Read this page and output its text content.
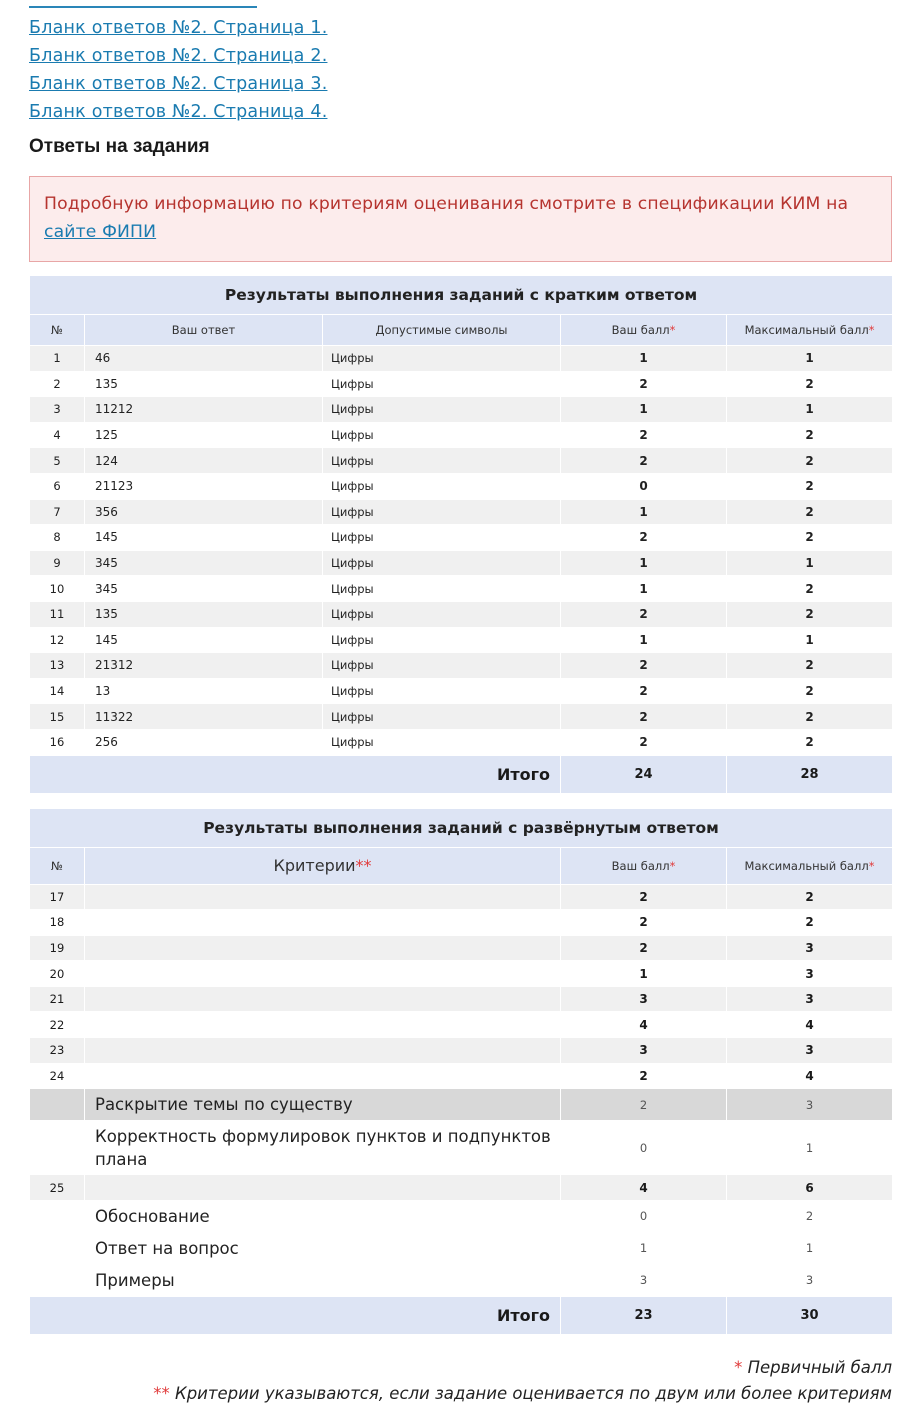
Бланк ответов №2. Страница 1.
Бланк ответов №2. Страница 2.
Бланк ответов №2. Страница 3.
Бланк ответов №2. Страница 4.
Ответы на задания
Подробную информацию по критериям оценивания смотрите в спецификации КИМ на сайте ФИПИ
Результаты выполнения заданий с кратким ответом				
№	Ваш ответ	Допустимые символы	Ваш балл*	Максимальный балл*
1	46	Цифры	1	1
2	135	Цифры	2	2
3	11212	Цифры	1	1
4	125	Цифры	2	2
5	124	Цифры	2	2
6	21123	Цифры	0	2
7	356	Цифры	1	2
8	145	Цифры	2	2
9	345	Цифры	1	1
10	345	Цифры	1	2
11	135	Цифры	2	2
12	145	Цифры	1	1
13	21312	Цифры	2	2
14	13	Цифры	2	2
15	11322	Цифры	2	2
16	256	Цифры	2	2
Итого			24	28
Результаты выполнения заданий с развёрнутым ответом			
№	Критерии**	Ваш балл*	Максимальный балл*
17		2	2
18		2	2
19		2	3
20		1	3
21		3	3
22		4	4
23		3	3
24		2	4
	Раскрытие темы по существу	2	3
	Корректность формулировок пунктов и подпунктов плана	0	1
25		4	6
	Обоснование	0	2
	Ответ на вопрос	1	1
	Примеры	3	3
Итого		23	30
* Первичный балл
** Критерии указываются, если задание оценивается по двум или более критериям
